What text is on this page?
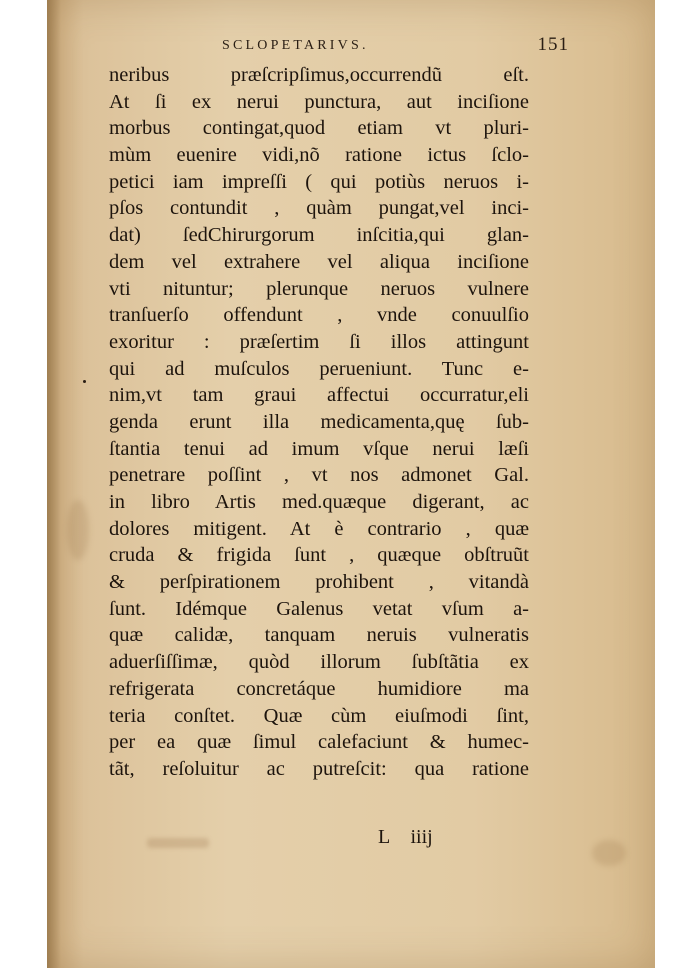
SCLOPETARIVS.	151
neribus præſcripſimus,occurrendũ eſt.
At ſi ex nerui punctura, aut inciſione
morbus contingat,quod etiam vt pluri-
mùm euenire vidi,nõ ratione ictus ſclo-
petici iam impreſſi ( qui potiùs neruos i-
pſos contundit , quàm pungat,vel inci-
dat) ſedChirurgorum inſcitia,qui glan-
dem vel extrahere vel aliqua inciſione
vti nituntur; plerunque neruos vulnere
tranſuerſo offendunt , vnde conuulſio
exoritur : præſertim ſi illos attingunt
qui ad muſculos perueniunt. Tunc e-
nim,vt tam graui affectui occurratur,eli
genda erunt illa medicamenta,quę ſub-
ſtantia tenui ad imum vſque nerui læſi
penetrare poſſint , vt nos admonet Gal.
in libro Artis med.quæque digerant, ac
dolores mitigent. At è contrario , quæ
cruda & frigida ſunt , quæque obſtruũt
& perſpirationem prohibent , vitandà
ſunt. Idémque Galenus vetat vſum a-
quæ calidæ, tanquam neruis vulneratis
aduerſiſſimæ, quòd illorum ſubſtãtia ex
refrigerata concretáque humidiore ma
teria conſtet. Quæ cùm eiuſmodi ſint,
per ea quæ ſimul calefaciunt & humec-
tãt, reſoluitur ac putreſcit: qua ratione
L iiij
